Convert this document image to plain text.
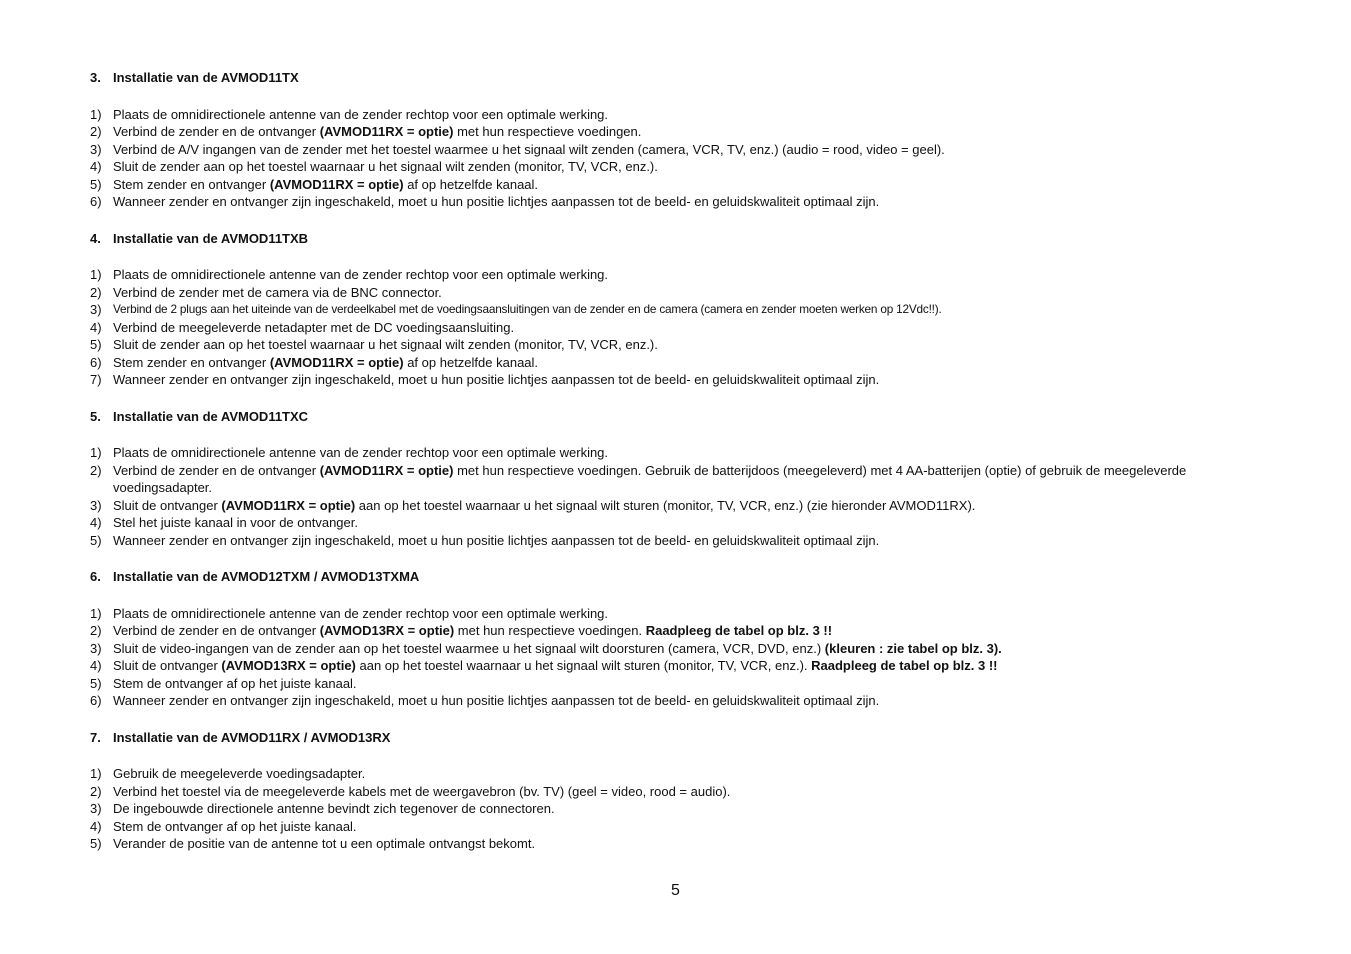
3. Installatie van de AVMOD11TX
1) Plaats de omnidirectionele antenne van de zender rechtop voor een optimale werking.
2) Verbind de zender en de ontvanger (AVMOD11RX = optie) met hun respectieve voedingen.
3) Verbind de A/V ingangen van de zender met het toestel waarmee u het signaal wilt zenden (camera, VCR, TV, enz.) (audio = rood, video = geel).
4) Sluit de zender aan op het toestel waarnaar u het signaal wilt zenden (monitor, TV, VCR, enz.).
5) Stem zender en ontvanger (AVMOD11RX = optie) af op hetzelfde kanaal.
6) Wanneer zender en ontvanger zijn ingeschakeld, moet u hun positie lichtjes aanpassen tot de beeld- en geluidskwaliteit optimaal zijn.
4. Installatie van de AVMOD11TXB
1) Plaats de omnidirectionele antenne van de zender rechtop voor een optimale werking.
2) Verbind de zender met de camera via de BNC connector.
3) Verbind de 2 plugs aan het uiteinde van de verdeelkabel met de voedingsaansluitingen van de zender en de camera (camera en zender moeten werken op 12Vdc!!).
4) Verbind de meegeleverde netadapter met de DC voedingsaansluiting.
5) Sluit de zender aan op het toestel waarnaar u het signaal wilt zenden (monitor, TV, VCR, enz.).
6) Stem zender en ontvanger (AVMOD11RX = optie) af op hetzelfde kanaal.
7) Wanneer zender en ontvanger zijn ingeschakeld, moet u hun positie lichtjes aanpassen tot de beeld- en geluidskwaliteit optimaal zijn.
5. Installatie van de AVMOD11TXC
1) Plaats de omnidirectionele antenne van de zender rechtop voor een optimale werking.
2) Verbind de zender en de ontvanger (AVMOD11RX = optie) met hun respectieve voedingen. Gebruik de batterijdoos (meegeleverd) met 4 AA-batterijen (optie) of gebruik de meegeleverde voedingsadapter.
3) Sluit de ontvanger (AVMOD11RX = optie) aan op het toestel waarnaar u het signaal wilt sturen (monitor, TV, VCR, enz.) (zie hieronder AVMOD11RX).
4) Stel het juiste kanaal in voor de ontvanger.
5) Wanneer zender en ontvanger zijn ingeschakeld, moet u hun positie lichtjes aanpassen tot de beeld- en geluidskwaliteit optimaal zijn.
6. Installatie van de AVMOD12TXM / AVMOD13TXMA
1) Plaats de omnidirectionele antenne van de zender rechtop voor een optimale werking.
2) Verbind de zender en de ontvanger (AVMOD13RX = optie) met hun respectieve voedingen. Raadpleeg de tabel op blz. 3 !!
3) Sluit de video-ingangen van de zender aan op het toestel waarmee u het signaal wilt doorsturen (camera, VCR, DVD, enz.) (kleuren : zie tabel op blz. 3).
4) Sluit de ontvanger (AVMOD13RX = optie) aan op het toestel waarnaar u het signaal wilt sturen (monitor, TV, VCR, enz.). Raadpleeg de tabel op blz. 3 !!
5) Stem de ontvanger af op het juiste kanaal.
6) Wanneer zender en ontvanger zijn ingeschakeld, moet u hun positie lichtjes aanpassen tot de beeld- en geluidskwaliteit optimaal zijn.
7. Installatie van de AVMOD11RX / AVMOD13RX
1) Gebruik de meegeleverde voedingsadapter.
2) Verbind het toestel via de meegeleverde kabels met de weergavebron (bv. TV) (geel = video, rood = audio).
3) De ingebouwde directionele antenne bevindt zich tegenover de connectoren.
4) Stem de ontvanger af op het juiste kanaal.
5) Verander de positie van de antenne tot u een optimale ontvangst bekomt.
5
